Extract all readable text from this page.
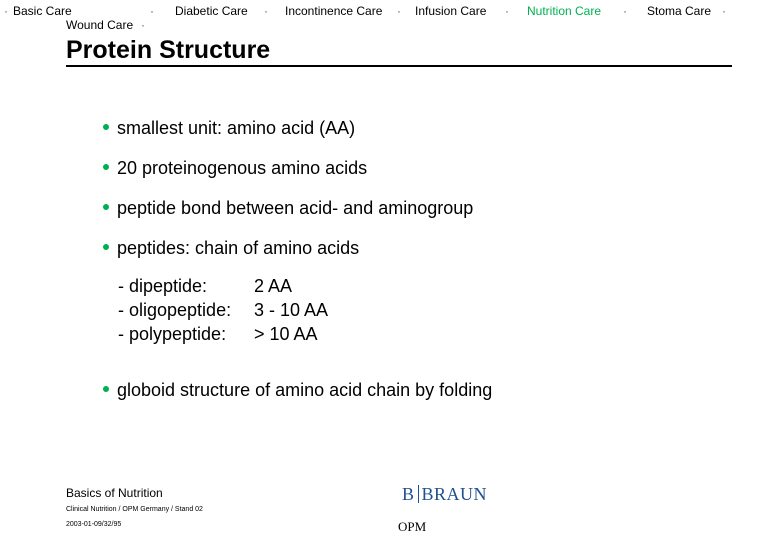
· Basic Care	· Diabetic Care · Incontinence Care · Infusion Care · Nutrition Care · Stoma Care ·
Wound Care ·
Protein Structure
smallest unit: amino acid (AA)
20 proteinogenous amino acids
peptide bond between acid- and aminogroup
peptides: chain of amino acids
globoid structure of amino acid chain by folding
- dipeptide:	2 AA
- oligopeptide: 3 - 10 AA
- polypeptide: > 10 AA
Basics of Nutrition
Clinical Nutrition / OPM Germany / Stand 02
2003-01-09/32/95
B BRAUN
OPM
